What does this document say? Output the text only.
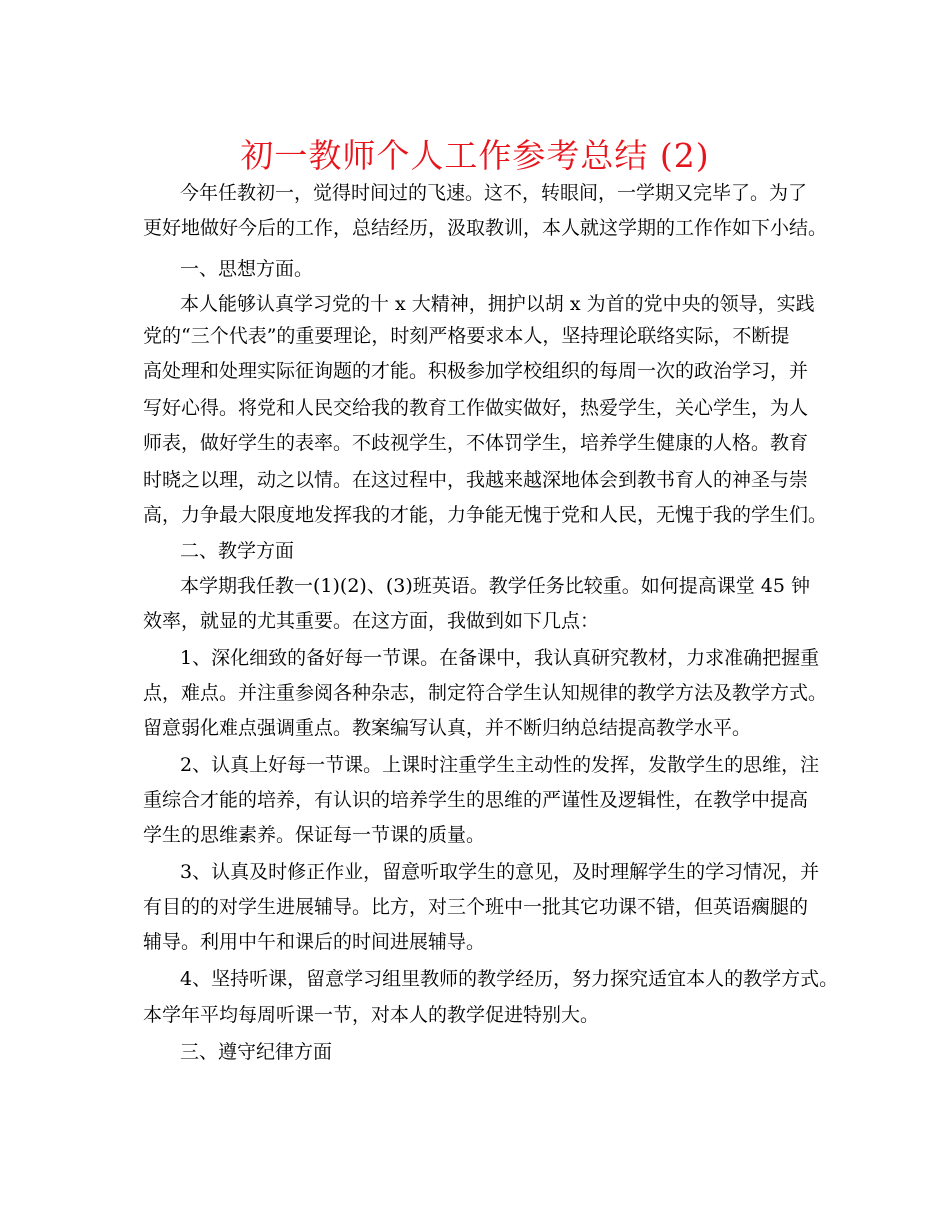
初一教师个人工作参考总结 (2)
今年任教初一，觉得时间过的飞速。这不，转眼间，一学期又完毕了。为了
更好地做好今后的工作，总结经历，汲取教训，本人就这学期的工作作如下小结。
一、思想方面。
本人能够认真学习党的十 x 大精神，拥护以胡 x 为首的党中央的领导，实践
党的“三个代表”的重要理论，时刻严格要求本人，坚持理论联络实际，不断提
高处理和处理实际征询题的才能。积极参加学校组织的每周一次的政治学习，并
写好心得。将党和人民交给我的教育工作做实做好，热爱学生，关心学生，为人
师表，做好学生的表率。不歧视学生，不体罚学生，培养学生健康的人格。教育
时晓之以理，动之以情。在这过程中，我越来越深地体会到教书育人的神圣与崇
高，力争最大限度地发挥我的才能，力争能无愧于党和人民，无愧于我的学生们。
二、教学方面
本学期我任教一(1)(2)、(3)班英语。教学任务比较重。如何提高课堂 45 钟
效率，就显的尤其重要。在这方面，我做到如下几点：
1、深化细致的备好每一节课。在备课中，我认真研究教材，力求准确把握重
点，难点。并注重参阅各种杂志，制定符合学生认知规律的教学方法及教学方式。
留意弱化难点强调重点。教案编写认真，并不断归纳总结提高教学水平。
2、认真上好每一节课。上课时注重学生主动性的发挥，发散学生的思维，注
重综合才能的培养，有认识的培养学生的思维的严谨性及逻辑性，在教学中提高
学生的思维素养。保证每一节课的质量。
3、认真及时修正作业，留意听取学生的意见，及时理解学生的学习情况，并
有目的的对学生进展辅导。比方，对三个班中一批其它功课不错，但英语瘸腿的
辅导。利用中午和课后的时间进展辅导。
4、坚持听课，留意学习组里教师的教学经历，努力探究适宜本人的教学方式。
本学年平均每周听课一节，对本人的教学促进特别大。
三、遵守纪律方面
